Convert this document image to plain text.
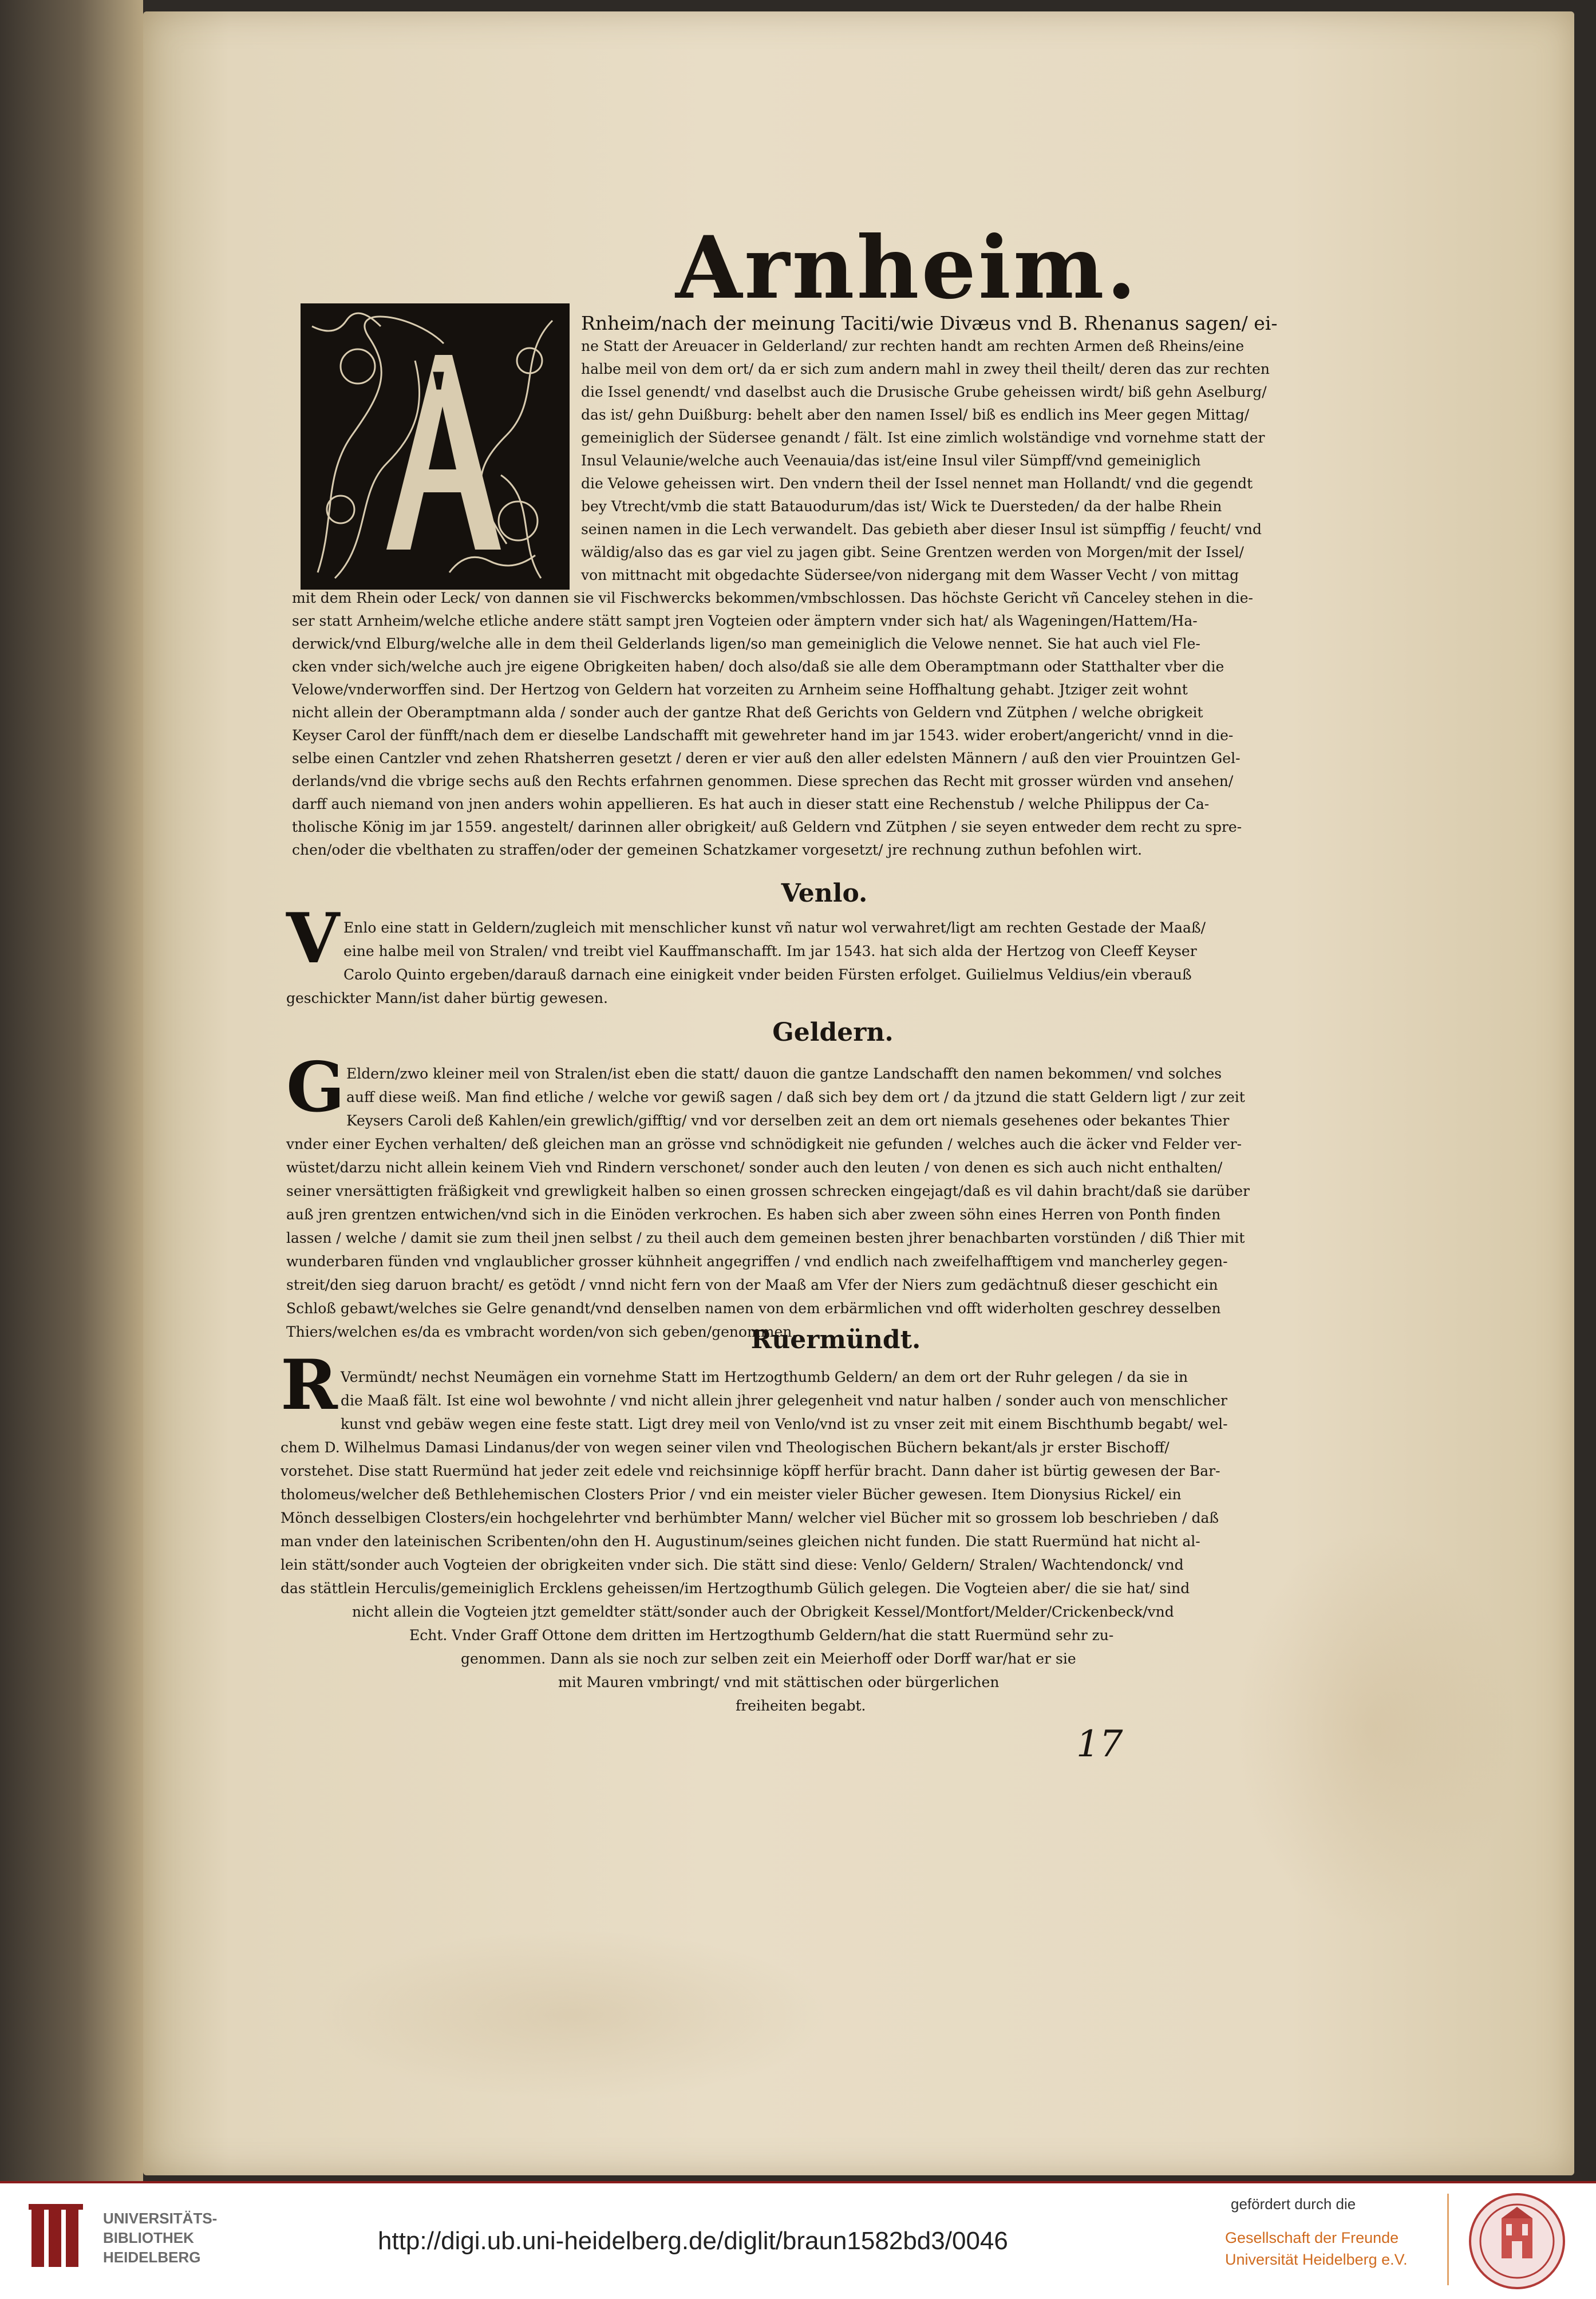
Arnheim.

Rnheim/nach der meinung Taciti/wie Divæus vnd B. Rhenanus sagen/ ei-

ne Statt der Areuacer in Gelderland/ zur rechten handt am rechten Armen deß Rheins/eine

halbe meil von dem ort/ da er sich zum andern mahl in zwey theil theilt/ deren das zur rechten

die Issel genendt/ vnd daselbst auch die Drusische Grube geheissen wirdt/ biß gehn Aselburg/

das ist/ gehn Duißburg: behelt aber den namen Issel/ biß es endlich ins Meer gegen Mittag/

gemeiniglich der Südersee genandt / fält. Ist eine zimlich wolständige vnd vornehme statt der

Insul Velaunie/welche auch Veenauia/das ist/eine Insul viler Sümpff/vnd gemeiniglich

die Velowe geheissen wirt. Den vndern theil der Issel nennet man Hollandt/ vnd die gegendt

bey Vtrecht/vmb die statt Batauodurum/das ist/ Wick te Duersteden/ da der halbe Rhein

seinen namen in die Lech verwandelt. Das gebieth aber dieser Insul ist sümpffig / feucht/ vnd

wäldig/also das es gar viel zu jagen gibt. Seine Grentzen werden von Morgen/mit der Issel/

von mittnacht mit obgedachte Südersee/von nidergang mit dem Wasser Vecht / von mittag

mit dem Rhein oder Leck/ von dannen sie vil Fischwercks bekommen/vmbschlossen. Das höchste Gericht vñ Canceley stehen in die-

ser statt Arnheim/welche etliche andere stätt sampt jren Vogteien oder ämptern vnder sich hat/ als Wageningen/Hattem/Ha-

derwick/vnd Elburg/welche alle in dem theil Gelderlands ligen/so man gemeiniglich die Velowe nennet. Sie hat auch viel Fle-

cken vnder sich/welche auch jre eigene Obrigkeiten haben/ doch also/daß sie alle dem Oberamptmann oder Statthalter vber die

Velowe/vnderworffen sind. Der Hertzog von Geldern hat vorzeiten zu Arnheim seine Hoffhaltung gehabt. Jtziger zeit wohnt

nicht allein der Oberamptmann alda / sonder auch der gantze Rhat deß Gerichts von Geldern vnd Zütphen / welche obrigkeit

Keyser Carol der fünfft/nach dem er dieselbe Landschafft mit gewehreter hand im jar 1543. wider erobert/angericht/ vnnd in die-

selbe einen Cantzler vnd zehen Rhatsherren gesetzt / deren er vier auß den aller edelsten Männern / auß den vier Prouintzen Gel-

derlands/vnd die vbrige sechs auß den Rechts erfahrnen genommen. Diese sprechen das Recht mit grosser würden vnd ansehen/

darff auch niemand von jnen anders wohin appellieren. Es hat auch in dieser statt eine Rechenstub / welche Philippus der Ca-

tholische König im jar 1559. angestelt/ darinnen aller obrigkeit/ auß Geldern vnd Zütphen / sie seyen entweder dem recht zu spre-

chen/oder die vbelthaten zu straffen/oder der gemeinen Schatzkamer vorgesetzt/ jre rechnung zuthun befohlen wirt.

Venlo.
V Enlo eine statt in Geldern/zugleich mit menschlicher kunst vñ natur wol verwahret/ligt am rechten Gestade der Maaß/

eine halbe meil von Stralen/ vnd treibt viel Kauffmanschafft. Im jar 1543. hat sich alda der Hertzog von Cleeff Keyser

Carolo Quinto ergeben/darauß darnach eine einigkeit vnder beiden Fürsten erfolget. Guilielmus Veldius/ein vberauß

geschickter Mann/ist daher bürtig gewesen.

Geldern.
G Eldern/zwo kleiner meil von Stralen/ist eben die statt/ dauon die gantze Landschafft den namen bekommen/ vnd solches

auff diese weiß. Man find etliche / welche vor gewiß sagen / daß sich bey dem ort / da jtzund die statt Geldern ligt / zur zeit

Keysers Caroli deß Kahlen/ein grewlich/gifftig/ vnd vor derselben zeit an dem ort niemals gesehenes oder bekantes Thier

vnder einer Eychen verhalten/ deß gleichen man an grösse vnd schnödigkeit nie gefunden / welches auch die äcker vnd Felder ver-

wüstet/darzu nicht allein keinem Vieh vnd Rindern verschonet/ sonder auch den leuten / von denen es sich auch nicht enthalten/

seiner vnersättigten fräßigkeit vnd grewligkeit halben so einen grossen schrecken eingejagt/daß es vil dahin bracht/daß sie darüber

auß jren grentzen entwichen/vnd sich in die Einöden verkrochen. Es haben sich aber zween söhn eines Herren von Ponth finden

lassen / welche / damit sie zum theil jnen selbst / zu theil auch dem gemeinen besten jhrer benachbarten vorstünden / diß Thier mit

wunderbaren fünden vnd vnglaublicher grosser kühnheit angegriffen / vnd endlich nach zweifelhafftigem vnd mancherley gegen-

streit/den sieg daruon bracht/ es getödt / vnnd nicht fern von der Maaß am Vfer der Niers zum gedächtnuß dieser geschicht ein

Schloß gebawt/welches sie Gelre genandt/vnd denselben namen von dem erbärmlichen vnd offt widerholten geschrey desselben

Thiers/welchen es/da es vmbracht worden/von sich geben/genommen.

Ruermündt.
R Vermündt/ nechst Neumägen ein vornehme Statt im Hertzogthumb Geldern/ an dem ort der Ruhr gelegen / da sie in

die Maaß fält. Ist eine wol bewohnte / vnd nicht allein jhrer gelegenheit vnd natur halben / sonder auch von menschlicher

kunst vnd gebäw wegen eine feste statt. Ligt drey meil von Venlo/vnd ist zu vnser zeit mit einem Bischthumb begabt/ wel-

chem D. Wilhelmus Damasi Lindanus/der von wegen seiner vilen vnd Theologischen Büchern bekant/als jr erster Bischoff/

vorstehet. Dise statt Ruermünd hat jeder zeit edele vnd reichsinnige köpff herfür bracht. Dann daher ist bürtig gewesen der Bar-

tholomeus/welcher deß Bethlehemischen Closters Prior / vnd ein meister vieler Bücher gewesen. Item Dionysius Rickel/ ein

Mönch desselbigen Closters/ein hochgelehrter vnd berhümbter Mann/ welcher viel Bücher mit so grossem lob beschrieben / daß

man vnder den lateinischen Scribenten/ohn den H. Augustinum/seines gleichen nicht funden. Die statt Ruermünd hat nicht al-

lein stätt/sonder auch Vogteien der obrigkeiten vnder sich. Die stätt sind diese: Venlo/ Geldern/ Stralen/ Wachtendonck/ vnd

das stättlein Herculis/gemeiniglich Ercklens geheissen/im Hertzogthumb Gülich gelegen. Die Vogteien aber/ die sie hat/ sind

nicht allein die Vogteien jtzt gemeldter stätt/sonder auch der Obrigkeit Kessel/Montfort/Melder/Crickenbeck/vnd

Echt. Vnder Graff Ottone dem dritten im Hertzogthumb Geldern/hat die statt Ruermünd sehr zu-

genommen. Dann als sie noch zur selben zeit ein Meierhoff oder Dorff war/hat er sie

mit Mauren vmbringt/ vnd mit stättischen oder bürgerlichen

freiheiten begabt.

17
UNIVERSITÄTS-
BIBLIOTHEK
HEIDELBERG
http://digi.ub.uni-heidelberg.de/diglit/braun1582bd3/0046
gefördert durch die
Gesellschaft der Freunde
Universität Heidelberg e.V.
